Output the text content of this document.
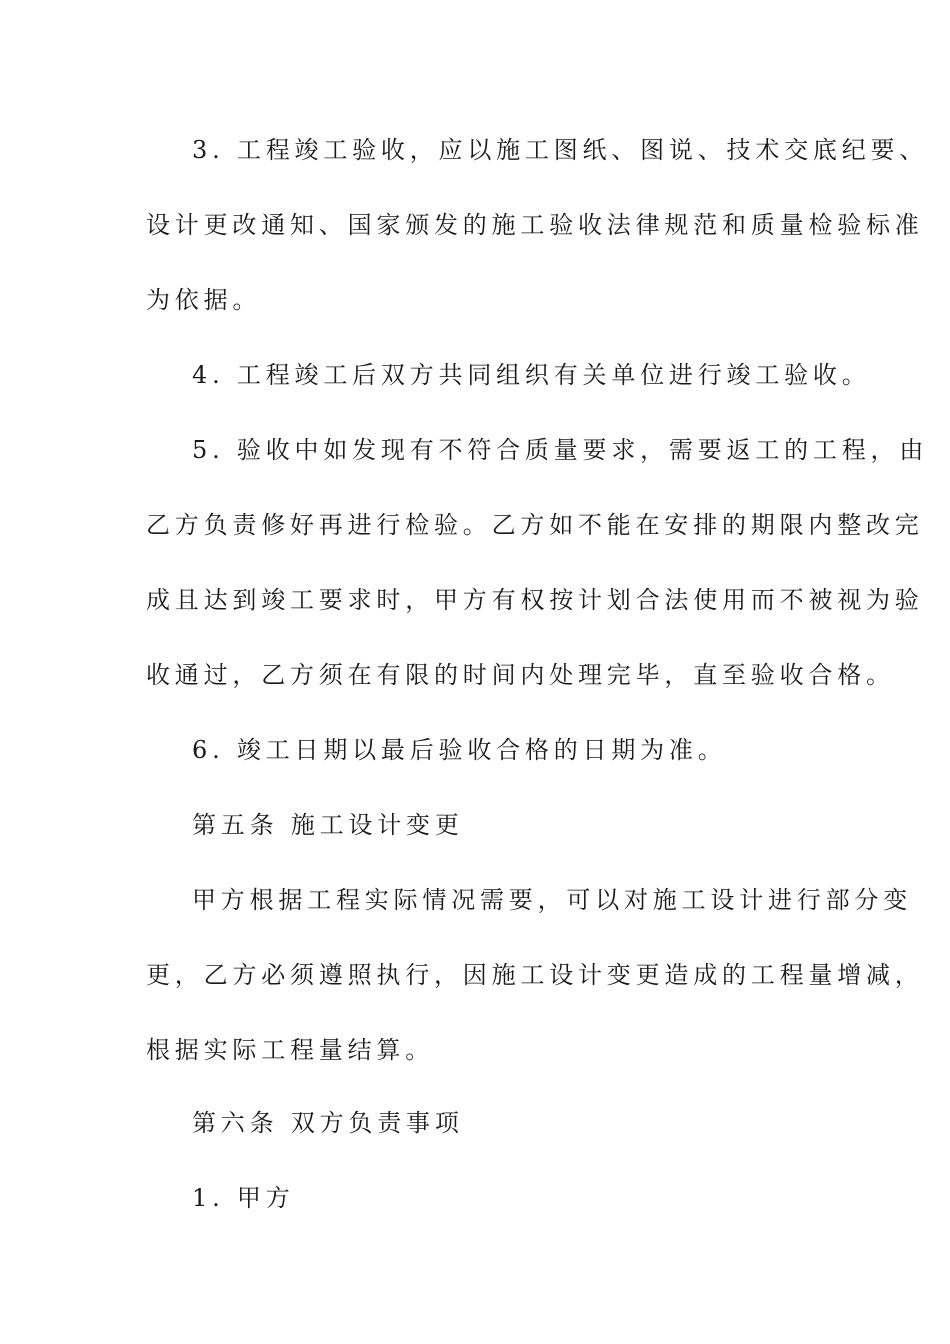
3. 工程竣工验收，应以施工图纸、图说、技术交底纪要、

设计更改通知、国家颁发的施工验收法律规范和质量检验标准

为依据。

4. 工程竣工后双方共同组织有关单位进行竣工验收。

5. 验收中如发现有不符合质量要求，需要返工的工程，由

乙方负责修好再进行检验。乙方如不能在安排的期限内整改完

成且达到竣工要求时，甲方有权按计划合法使用而不被视为验

收通过，乙方须在有限的时间内处理完毕，直至验收合格。

6. 竣工日期以最后验收合格的日期为准。

第五条 施工设计变更

甲方根据工程实际情况需要，可以对施工设计进行部分变

更，乙方必须遵照执行，因施工设计变更造成的工程量增减，

根据实际工程量结算。

第六条 双方负责事项

1. 甲方
